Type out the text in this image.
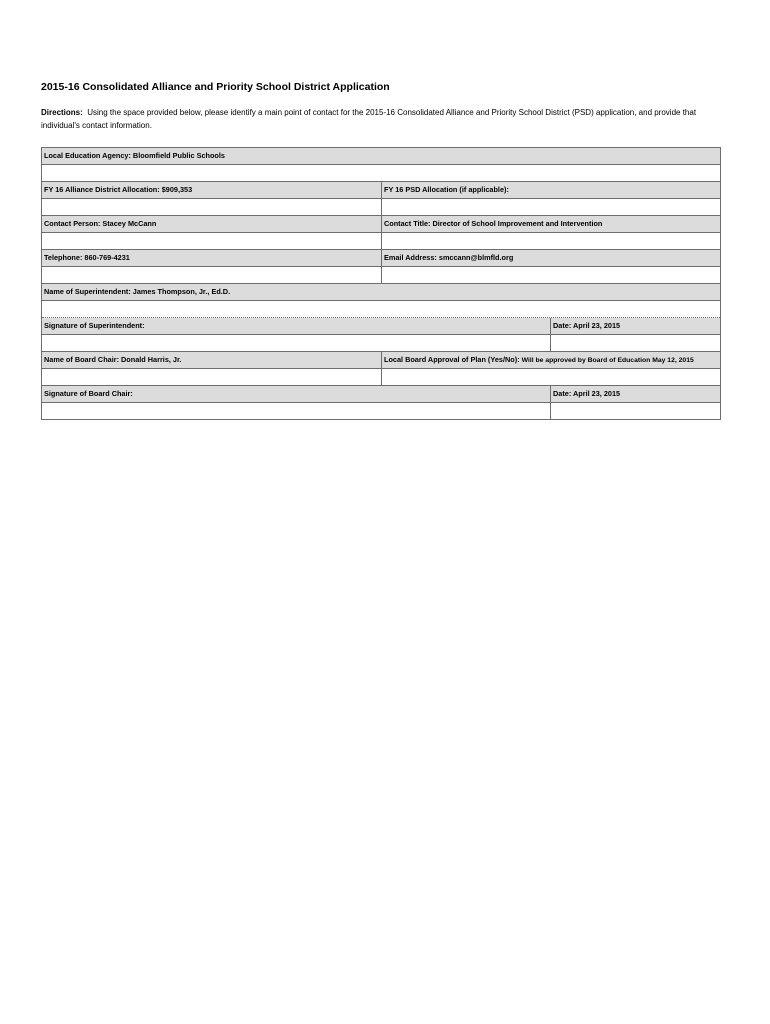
2015-16 Consolidated Alliance and Priority School District Application
Directions: Using the space provided below, please identify a main point of contact for the 2015-16 Consolidated Alliance and Priority School District (PSD) application, and provide that individual's contact information.
Local Education Agency: Bloomfield Public Schools
FY 16 Alliance District Allocation: $909,353	FY 16 PSD Allocation (if applicable):
Contact Person: Stacey McCann	Contact Title: Director of School Improvement and Intervention
Telephone: 860-769-4231	Email Address: smccann@blmfld.org
Name of Superintendent: James Thompson, Jr., Ed.D.
Signature of Superintendent:	Date: April 23, 2015
Name of Board Chair: Donald Harris, Jr.	Local Board Approval of Plan (Yes/No): Will be approved by Board of Education May 12, 2015
Signature of Board Chair:	Date: April 23, 2015
